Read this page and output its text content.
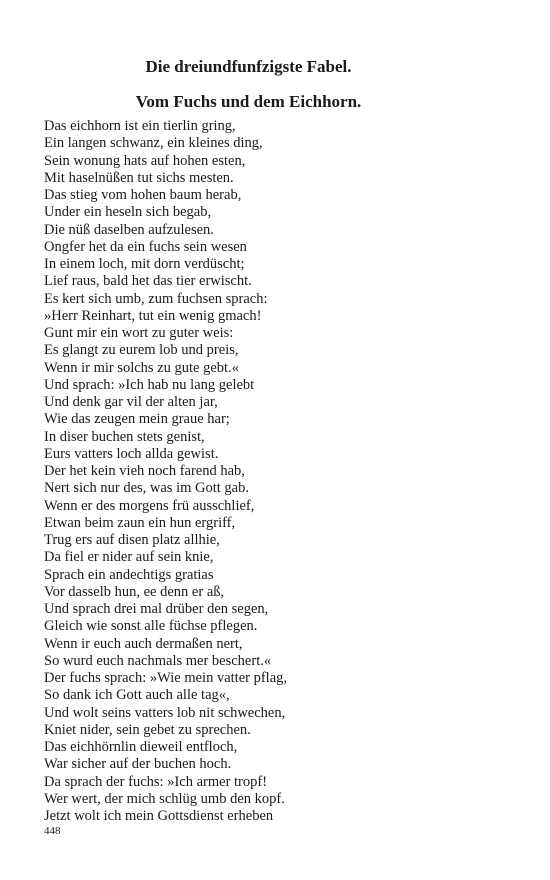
Die dreiundfunfzigste Fabel.
Vom Fuchs und dem Eichhorn.
Das eichhorn ist ein tierlin gring,
Ein langen schwanz, ein kleines ding,
Sein wonung hats auf hohen esten,
Mit haselnüßen tut sichs mesten.
Das stieg vom hohen baum herab,
Under ein heseln sich begab,
Die nüß daselben aufzulesen.
Ongfer het da ein fuchs sein wesen
In einem loch, mit dorn verdüscht;
Lief raus, bald het das tier erwischt.
Es kert sich umb, zum fuchsen sprach:
»Herr Reinhart, tut ein wenig gmach!
Gunt mir ein wort zu guter weis:
Es glangt zu eurem lob und preis,
Wenn ir mir solchs zu gute gebt.«
Und sprach: »Ich hab nu lang gelebt
Und denk gar vil der alten jar,
Wie das zeugen mein graue har;
In diser buchen stets genist,
Eurs vatters loch allda gewist.
Der het kein vieh noch farend hab,
Nert sich nur des, was im Gott gab.
Wenn er des morgens frü ausschlief,
Etwan beim zaun ein hun ergriff,
Trug ers auf disen platz allhie,
Da fiel er nider auf sein knie,
Sprach ein andechtigs gratias
Vor dasselb hun, ee denn er aß,
Und sprach drei mal drüber den segen,
Gleich wie sonst alle füchse pflegen.
Wenn ir euch auch dermaßen nert,
So wurd euch nachmals mer beschert.«
Der fuchs sprach: »Wie mein vatter pflag,
So dank ich Gott auch alle tag«,
Und wolt seins vatters lob nit schwechen,
Kniet nider, sein gebet zu sprechen.
Das eichhörnlin dieweil entfloch,
War sicher auf der buchen hoch.
Da sprach der fuchs: »Ich armer tropf!
Wer wert, der mich schlüg umb den kopf.
Jetzt wolt ich mein Gottsdienst erheben
448
